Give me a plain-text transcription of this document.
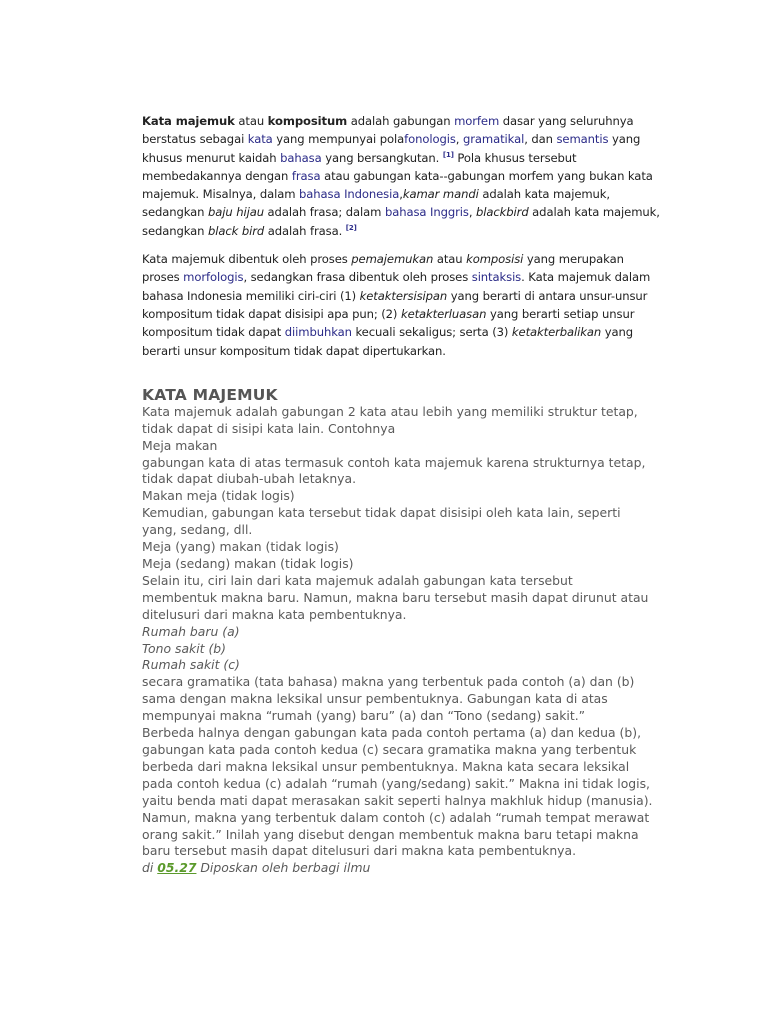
Kata majemuk atau kompositum adalah gabungan morfem dasar yang seluruhnya berstatus sebagai kata yang mempunyai polafonologis, gramatikal, dan semantis yang khusus menurut kaidah bahasa yang bersangkutan. [1] Pola khusus tersebut membedakannya dengan frasa atau gabungan kata--gabungan morfem yang bukan kata majemuk. Misalnya, dalam bahasa Indonesia,kamar mandi adalah kata majemuk, sedangkan baju hijau adalah frasa; dalam bahasa Inggris, blackbird adalah kata majemuk, sedangkan black bird adalah frasa. [2]

Kata majemuk dibentuk oleh proses pemajemukan atau komposisi yang merupakan proses morfologis, sedangkan frasa dibentuk oleh proses sintaksis. Kata majemuk dalam bahasa Indonesia memiliki ciri-ciri (1) ketaktersisipan yang berarti di antara unsur-unsur kompositum tidak dapat disisipi apa pun; (2) ketakterluasan yang berarti setiap unsur kompositum tidak dapat diimbuhkan kecuali sekaligus; serta (3) ketakterbalikan yang berarti unsur kompositum tidak dapat dipertukarkan.

KATA MAJEMUK
Kata majemuk adalah gabungan 2 kata atau lebih yang memiliki struktur tetap,
tidak dapat di sisipi kata lain. Contohnya
Meja makan
gabungan kata di atas termasuk contoh kata majemuk karena strukturnya tetap,
tidak dapat diubah-ubah letaknya.
Makan meja (tidak logis)
Kemudian, gabungan kata tersebut tidak dapat disisipi oleh kata lain, seperti
yang, sedang, dll.
Meja (yang) makan (tidak logis)
Meja (sedang) makan (tidak logis)
Selain itu, ciri lain dari kata majemuk adalah gabungan kata tersebut
membentuk makna baru. Namun, makna baru tersebut masih dapat dirunut atau
ditelusuri dari makna kata pembentuknya.
Rumah baru (a)
Tono sakit (b)
Rumah sakit (c)
secara gramatika (tata bahasa) makna yang terbentuk pada contoh (a) dan (b)
sama dengan makna leksikal unsur pembentuknya. Gabungan kata di atas
mempunyai makna “rumah (yang) baru” (a) dan “Tono (sedang) sakit.”
Berbeda halnya dengan gabungan kata pada contoh pertama (a) dan kedua (b),
gabungan kata pada contoh kedua (c) secara gramatika makna yang terbentuk
berbeda dari makna leksikal unsur pembentuknya. Makna kata secara leksikal
pada contoh kedua (c) adalah “rumah (yang/sedang) sakit.” Makna ini tidak logis,
yaitu benda mati dapat merasakan sakit seperti halnya makhluk hidup (manusia).
Namun, makna yang terbentuk dalam contoh (c) adalah “rumah tempat merawat
orang sakit.” Inilah yang disebut dengan membentuk makna baru tetapi makna
baru tersebut masih dapat ditelusuri dari makna kata pembentuknya.
di 05.27 Diposkan oleh berbagi ilmu
